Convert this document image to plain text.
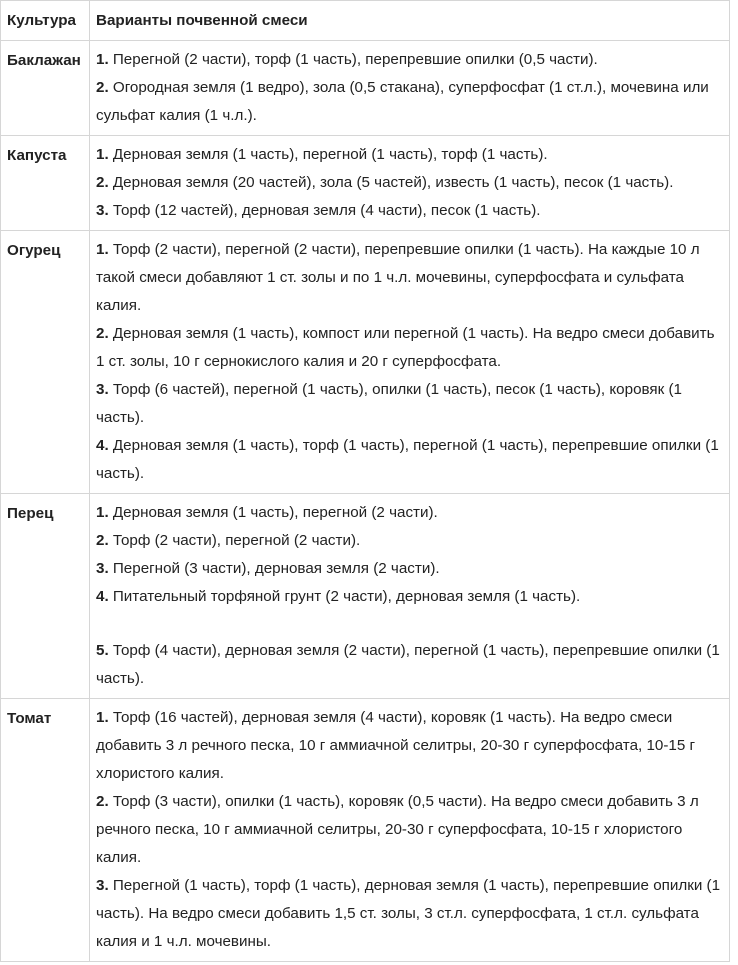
Культура	Варианты почвенной смеси
Баклажан	1. Перегной (2 части), торф (1 часть), перепревшие опилки (0,5 части).
2. Огородная земля (1 ведро), зола (0,5 стакана), суперфосфат (1 ст.л.), мочевина или сульфат калия (1 ч.л.).

Капуста	1. Дерновая земля (1 часть), перегной (1 часть), торф (1 часть).
2. Дерновая земля (20 частей), зола (5 частей), известь (1 часть), песок (1 часть).
3. Торф (12 частей), дерновая земля (4 части), песок (1 часть).

Огурец	1. Торф (2 части), перегной (2 части), перепревшие опилки (1 часть). На каждые 10 л такой смеси добавляют 1 ст. золы и по 1 ч.л. мочевины, суперфосфата и сульфата калия.
2. Дерновая земля (1 часть), компост или перегной (1 часть). На ведро смеси добавить 1 ст. золы, 10 г сернокислого калия и 20 г суперфосфата.
3. Торф (6 частей), перегной (1 часть), опилки (1 часть), песок (1 часть), коровяк (1 часть).
4. Дерновая земля (1 часть), торф (1 часть), перегной (1 часть), перепревшие опилки (1 часть).

Перец	1. Дерновая земля (1 часть), перегной (2 части).
2. Торф (2 части), перегной (2 части).
3. Перегной (3 части), дерновая земля (2 части).
4. Питательный торфяной грунт (2 части), дерновая земля (1 часть).
5. Торф (4 части), дерновая земля (2 части), перегной (1 часть), перепревшие опилки (1 часть).

Томат	1. Торф (16 частей), дерновая земля (4 части), коровяк (1 часть). На ведро смеси добавить 3 л речного песка, 10 г аммиачной селитры, 20-30 г суперфосфата, 10-15 г хлористого калия.
2. Торф (3 части), опилки (1 часть), коровяк (0,5 части). На ведро смеси добавить 3 л речного песка, 10 г аммиачной селитры, 20-30 г суперфосфата, 10-15 г хлористого калия.
3. Перегной (1 часть), торф (1 часть), дерновая земля (1 часть), перепревшие опилки (1 часть). На ведро смеси добавить 1,5 ст. золы, 3 ст.л. суперфосфата, 1 ст.л. сульфата калия и 1 ч.л. мочевины.
